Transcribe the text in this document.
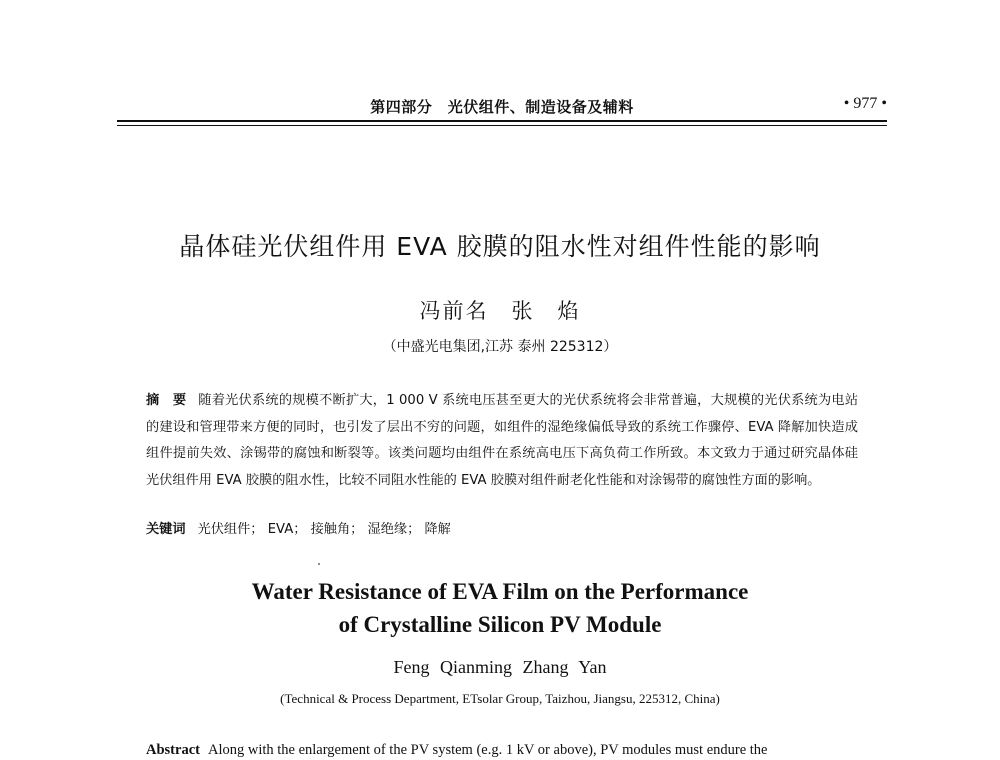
第四部分　光伏组件、制造设备及辅料	• 977 •
晶体硅光伏组件用 EVA 胶膜的阻水性对组件性能的影响
冯前名　张　焰
（中盛光电集团,江苏 泰州 225312）
摘　要 随着光伏系统的规模不断扩大，1 000 V 系统电压甚至更大的光伏系统将会非常普遍，大规模的光伏系统为电站的建设和管理带来方便的同时，也引发了层出不穷的问题，如组件的湿绝缘偏低导致的系统工作骤停、EVA 降解加快造成组件提前失效、涂锡带的腐蚀和断裂等。该类问题均由组件在系统高电压下高负荷工作所致。本文致力于通过研究晶体硅光伏组件用 EVA 胶膜的阻水性，比较不同阻水性能的 EVA 胶膜对组件耐老化性能和对涂锡带的腐蚀性方面的影响。
关键词 光伏组件； EVA； 接触角； 湿绝缘； 降解
Water Resistance of EVA Film on the Performance
of Crystalline Silicon PV Module
Feng Qianming Zhang Yan
(Technical & Process Department, ETsolar Group, Taizhou, Jiangsu, 225312, China)
Abstract Along with the enlargement of the PV system (e.g. 1 kV or above), PV modules must endure the
